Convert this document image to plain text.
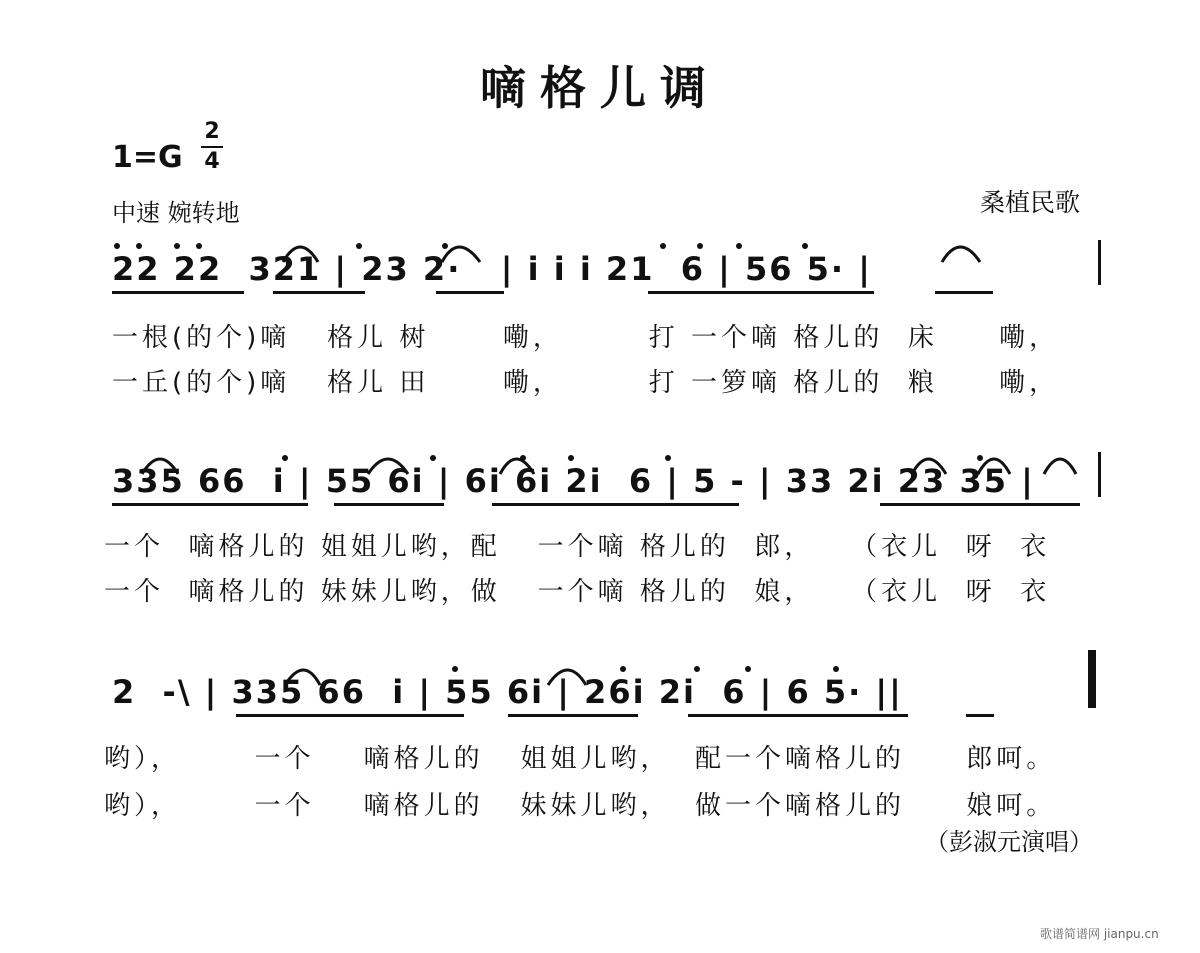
嘀格儿调
1=G
2
4
中速 婉转地	桑植民歌
22 22  321 | 23 2·   | i i i 21  6 | 56 5· |
一根(的个)嘀   格儿 树      嘞，       打 一个嘀 格儿的  床     嘞，
一丘(的个)嘀   格儿 田      嘞，       打 一箩嘀 格儿的  粮     嘞，
335 66  i | 55 6i | 6i 6i 2i  6 | 5 - | 33 2i 23 35 |
一个  嘀格儿的 姐姐儿哟，配   一个嘀 格儿的  郎，   （衣儿  呀  衣
一个  嘀格儿的 妹妹儿哟，做   一个嘀 格儿的  娘，   （衣儿  呀  衣
2  -\ | 335 66  i | 55 6i | 26i 2i  6 | 6 5· ||
哟），      一个    嘀格儿的   姐姐儿哟，  配一个嘀格儿的     郎呵。
哟），      一个    嘀格儿的   妹妹儿哟，  做一个嘀格儿的     娘呵。
（彭淑元演唱）
歌谱简谱网 jianpu.cn
